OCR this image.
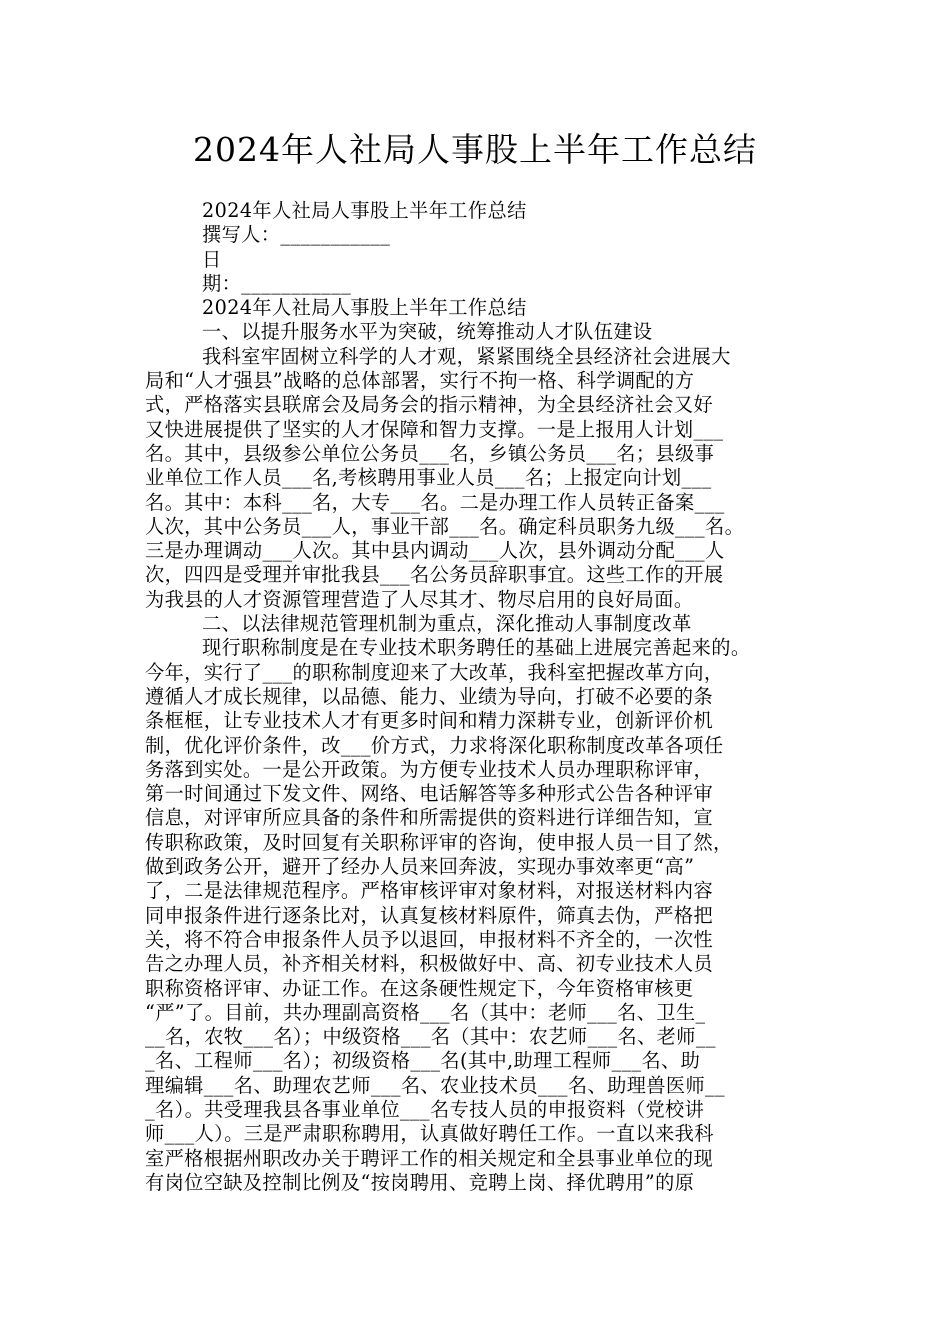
2024年人社局人事股上半年工作总结
2024年人社局人事股上半年工作总结
撰写人：___________
日
期：___________
2024年人社局人事股上半年工作总结
一、以提升服务水平为突破，统筹推动人才队伍建设
我科室牢固树立科学的人才观，紧紧围绕全县经济社会进展大
局和“人才强县”战略的总体部署，实行不拘一格、科学调配的方
式，严格落实县联席会及局务会的指示精神，为全县经济社会又好
又快进展提供了坚实的人才保障和智力支撑。一是上报用人计划___
名。其中，县级参公单位公务员___名，乡镇公务员___名；县级事
业单位工作人员___名,考核聘用事业人员___名；上报定向计划___
名。其中：本科___名，大专___名。二是办理工作人员转正备案___
人次，其中公务员___人，事业干部___名。确定科员职务九级___名。
三是办理调动___人次。其中县内调动___人次，县外调动分配___人
次，四四是受理并审批我县___名公务员辞职事宜。这些工作的开展
为我县的人才资源管理营造了人尽其才、物尽启用的良好局面。
二、以法律规范管理机制为重点，深化推动人事制度改革
现行职称制度是在专业技术职务聘任的基础上进展完善起来的。
今年，实行了___的职称制度迎来了大改革，我科室把握改革方向，
遵循人才成长规律，以品德、能力、业绩为导向，打破不必要的条
条框框，让专业技术人才有更多时间和精力深耕专业，创新评价机
制，优化评价条件，改___价方式，力求将深化职称制度改革各项任
务落到实处。一是公开政策。为方便专业技术人员办理职称评审，
第一时间通过下发文件、网络、电话解答等多种形式公告各种评审
信息，对评审所应具备的条件和所需提供的资料进行详细告知，宣
传职称政策，及时回复有关职称评审的咨询，使申报人员一目了然，
做到政务公开，避开了经办人员来回奔波，实现办事效率更“高”
了，二是法律规范程序。严格审核评审对象材料，对报送材料内容
同申报条件进行逐条比对，认真复核材料原件，筛真去伪，严格把
关，将不符合申报条件人员予以退回，申报材料不齐全的，一次性
告之办理人员，补齐相关材料，积极做好中、高、初专业技术人员
职称资格评审、办证工作。在这条硬性规定下，今年资格审核更
“严”了。目前，共办理副高资格___名（其中：老师___名、卫生_
__名，农牧___名）；中级资格___名（其中：农艺师___名、老师__
_名、工程师___名）；初级资格___名(其中,助理工程师___名、助
理编辑___名、助理农艺师___名、农业技术员___名、助理兽医师__
_名）。共受理我县各事业单位___名专技人员的申报资料（党校讲
师___人）。三是严肃职称聘用，认真做好聘任工作。一直以来我科
室严格根据州职改办关于聘评工作的相关规定和全县事业单位的现
有岗位空缺及控制比例及“按岗聘用、竞聘上岗、择优聘用”的原
